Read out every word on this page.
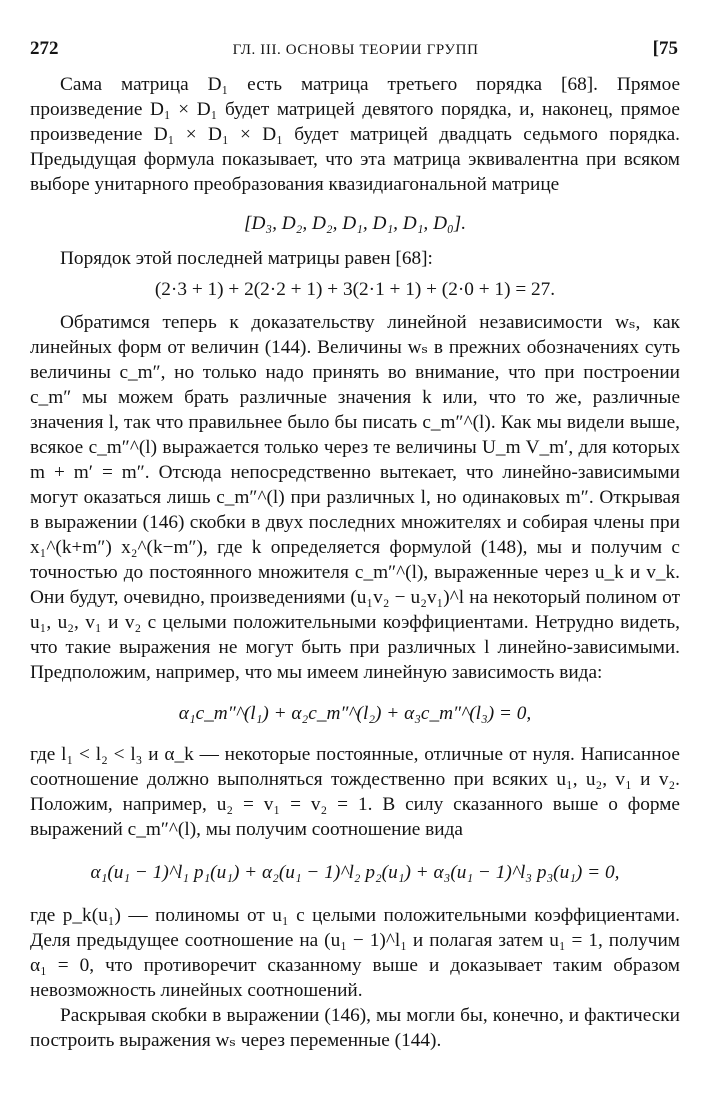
272	ГЛ. III. ОСНОВЫ ТЕОРИИ ГРУПП	[75

Сама матрица D₁ есть матрица третьего порядка [68]. Прямое произведение D₁ × D₁ будет матрицей девятого порядка, и, наконец, прямое произведение D₁ × D₁ × D₁ будет матрицей двадцать седьмого порядка. Предыдущая формула показывает, что эта матрица эквивалентна при всяком выборе унитарного преобразования квазидиагональной матрице

[D₃, D₂, D₂, D₁, D₁, D₁, D₀].

Порядок этой последней матрицы равен [68]:

(2·3 + 1) + 2(2·2 + 1) + 3(2·1 + 1) + (2·0 + 1) = 27.

Обратимся теперь к доказательству линейной независимости wₛ, как линейных форм от величин (144). Величины wₛ в прежних обозначениях суть величины c_m″, но только надо принять во внимание, что при построении c_m″ мы можем брать различные значения k или, что то же, различные значения l, так что правильнее было бы писать c_m″^(l). Как мы видели выше, всякое c_m″^(l) выражается только через те величины U_m V_m′, для которых m + m′ = m″. Отсюда непосредственно вытекает, что линейно-зависимыми могут оказаться лишь c_m″^(l) при различных l, но одинаковых m″. Открывая в выражении (146) скобки в двух последних множителях и собирая члены при x₁^(k+m″) x₂^(k−m″), где k определяется формулой (148), мы и получим с точностью до постоянного множителя c_m″^(l), выраженные через u_k и v_k. Они будут, очевидно, произведениями (u₁v₂ − u₂v₁)^l на некоторый полином от u₁, u₂, v₁ и v₂ с целыми положительными коэффициентами. Нетрудно видеть, что такие выражения не могут быть при различных l линейно-зависимыми. Предположим, например, что мы имеем линейную зависимость вида:

α₁c_m″^(l₁) + α₂c_m″^(l₂) + α₃c_m″^(l₃) = 0,

где l₁ < l₂ < l₃ и α_k — некоторые постоянные, отличные от нуля. Написанное соотношение должно выполняться тождественно при всяких u₁, u₂, v₁ и v₂. Положим, например, u₂ = v₁ = v₂ = 1. В силу сказанного выше о форме выражений c_m″^(l), мы получим соотношение вида

α₁(u₁ − 1)^l₁ p₁(u₁) + α₂(u₁ − 1)^l₂ p₂(u₁) + α₃(u₁ − 1)^l₃ p₃(u₁) = 0,

где p_k(u₁) — полиномы от u₁ с целыми положительными коэффициентами. Деля предыдущее соотношение на (u₁ − 1)^l₁ и полагая затем u₁ = 1, получим α₁ = 0, что противоречит сказанному выше и доказывает таким образом невозможность линейных соотношений.

Раскрывая скобки в выражении (146), мы могли бы, конечно, и фактически построить выражения wₛ через переменные (144).
